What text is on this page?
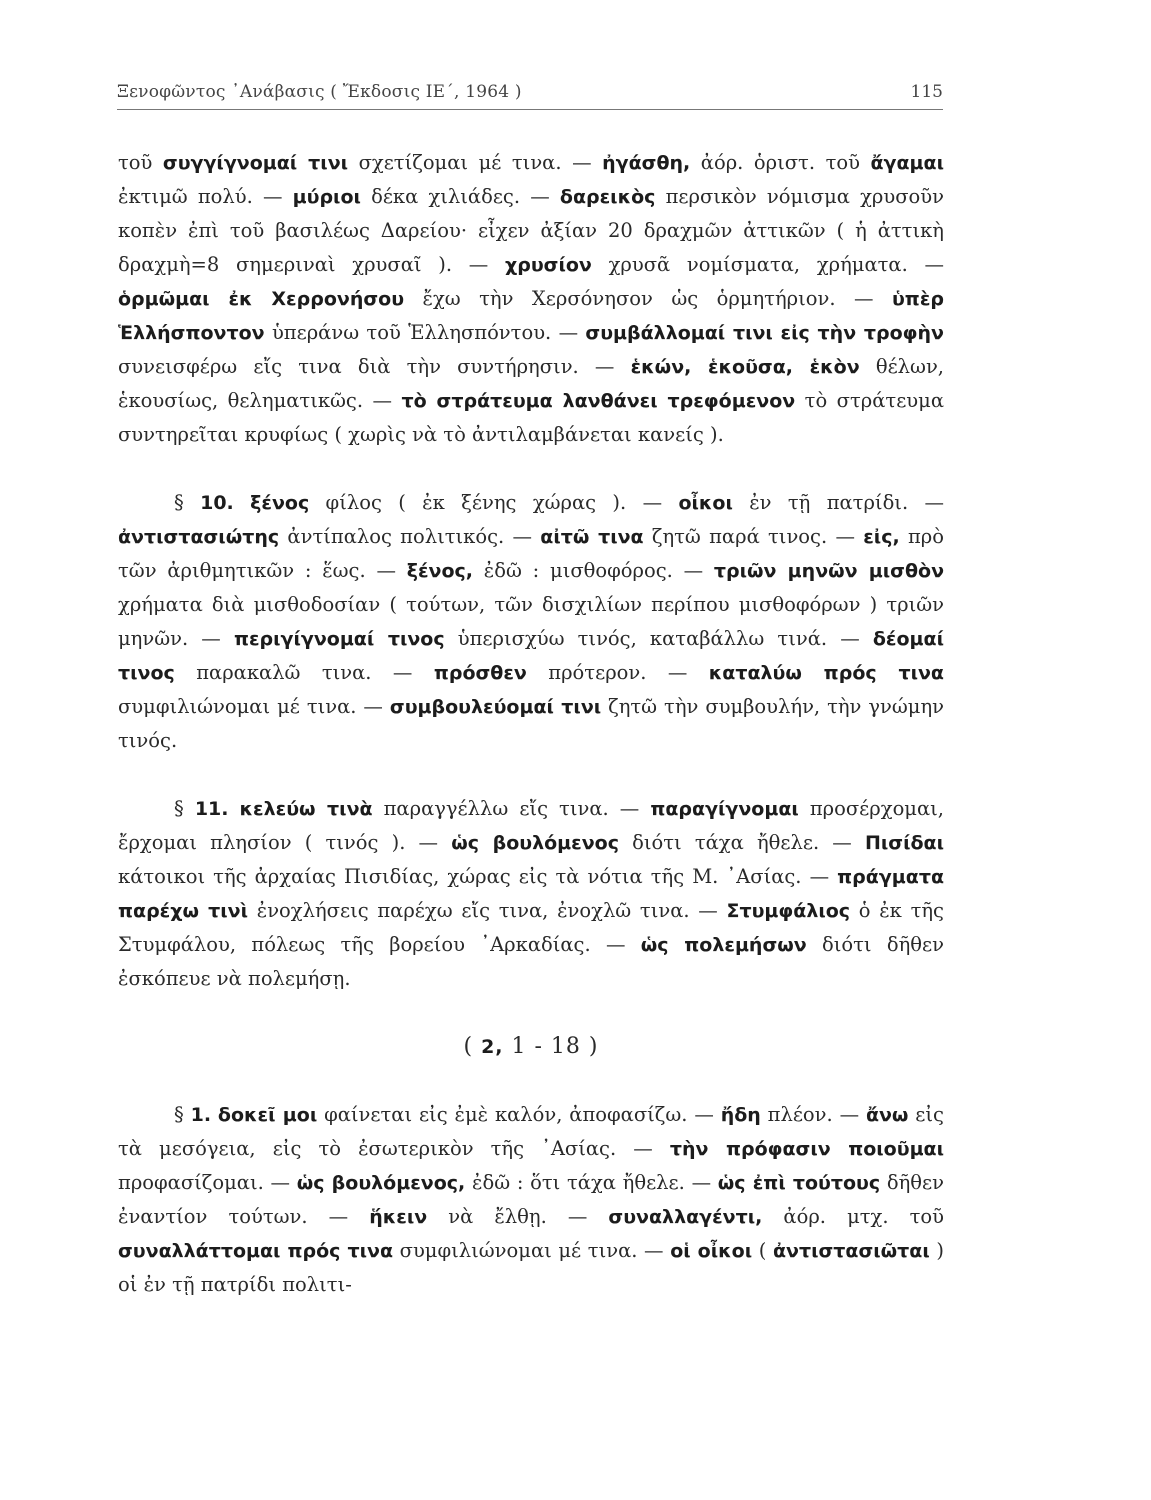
Ξενοφῶντος ᾿Ανάβασις ( Ἔκδοσις ΙΕ΄, 1964 )	115

τοῦ συγγίγνομαί τινι σχετίζομαι μέ τινα. — ἠγάσθη, ἀόρ. ὁριστ. τοῦ ἄγαμαι ἐκτιμῶ πολύ. — μύριοι δέκα χιλιάδες. — δαρεικὸς περσικὸν νόμισμα χρυσοῦν κοπὲν ἐπὶ τοῦ βασιλέως Δαρείου· εἶχεν ἀξίαν 20 δραχμῶν ἀττικῶν ( ἡ ἀττικὴ δραχμὴ=8 σημεριναὶ χρυσαῖ ). — χρυσίον χρυσᾶ νομίσματα, χρήματα. — ὁρμῶμαι ἐκ Χερρονήσου ἔχω τὴν Χερσόνησον ὡς ὁρμητήριον. — ὑπὲρ Ἑλλήσποντον ὑπεράνω τοῦ Ἑλλησπόντου. — συμβάλλομαί τινι εἰς τὴν τροφὴν συνεισφέρω εἴς τινα διὰ τὴν συντήρησιν. — ἑκών, ἑκοῦσα, ἑκὸν θέλων, ἑκουσίως, θεληματικῶς. — τὸ στράτευμα λανθάνει τρεφόμενον τὸ στράτευμα συντηρεῖται κρυφίως ( χωρὶς νὰ τὸ ἀντιλαμβάνεται κανείς ).

§ 10. ξένος φίλος ( ἐκ ξένης χώρας ). — οἶκοι ἐν τῇ πατρίδι. — ἀντιστασιώτης ἀντίπαλος πολιτικός. — αἰτῶ τινα ζητῶ παρά τινος. — εἰς, πρὸ τῶν ἀριθμητικῶν : ἕως. — ξένος, ἐδῶ : μισθοφόρος. — τριῶν μηνῶν μισθὸν χρήματα διὰ μισθοδοσίαν ( τούτων, τῶν δισχιλίων περίπου μισθοφόρων ) τριῶν μηνῶν. — περιγίγνομαί τινος ὑπερισχύω τινός, καταβάλλω τινά. — δέομαί τινος παρακαλῶ τινα. — πρόσθεν πρότερον. — καταλύω πρός τινα συμφιλιώνομαι μέ τινα. — συμβουλεύομαί τινι ζητῶ τὴν συμβουλήν, τὴν γνώμην τινός.

§ 11. κελεύω τινὰ παραγγέλλω εἴς τινα. — παραγίγνομαι προσέρχομαι, ἔρχομαι πλησίον ( τινός ). — ὡς βουλόμενος διότι τάχα ἤθελε. — Πισίδαι κάτοικοι τῆς ἀρχαίας Πισιδίας, χώρας εἰς τὰ νότια τῆς Μ. ᾿Ασίας. — πράγματα παρέχω τινὶ ἐνοχλήσεις παρέχω εἴς τινα, ἐνοχλῶ τινα. — Στυμφάλιος ὁ ἐκ τῆς Στυμφάλου, πόλεως τῆς βορείου ᾿Αρκαδίας. — ὡς πολεμήσων διότι δῆθεν ἐσκόπευε νὰ πολεμήσῃ.

( 2, 1 - 18 )

§ 1. δοκεῖ μοι φαίνεται εἰς ἐμὲ καλόν, ἀποφασίζω. — ἤδη πλέον. — ἄνω εἰς τὰ μεσόγεια, εἰς τὸ ἐσωτερικὸν τῆς ᾿Ασίας. — τὴν πρόφασιν ποιοῦμαι προφασίζομαι. — ὡς βουλόμενος, ἐδῶ : ὅτι τάχα ἤθελε. — ὡς ἐπὶ τούτους δῆθεν ἐναντίον τούτων. — ἥκειν νὰ ἔλθῃ. — συναλλαγέντι, ἀόρ. μτχ. τοῦ συναλλάττομαι πρός τινα συμφιλιώνομαι μέ τινα. — οἱ οἶκοι ( ἀντιστασιῶται ) οἱ ἐν τῇ πατρίδι πολιτι-
